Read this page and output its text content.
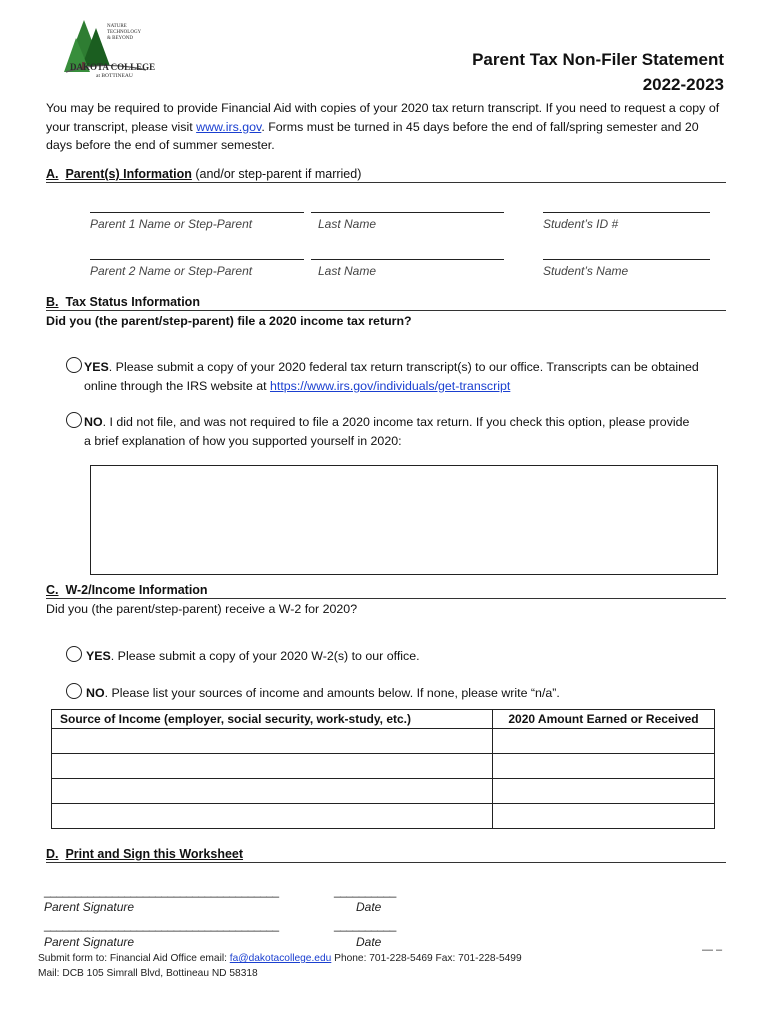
NATURE
TECHNOLOGY
& BEYOND
DAKOTA COLLEGE
at BOTTINEAU
Parent Tax Non-Filer Statement
2022-2023
You may be required to provide Financial Aid with copies of your 2020 tax return transcript. If you need to request a copy of your transcript, please visit www.irs.gov. Forms must be turned in 45 days before the end of fall/spring semester and 20 days before the end of summer semester.
A. Parent(s) Information (and/or step-parent if married)
Parent 1 Name or Step-Parent	Last Name	Student’s ID #
Parent 2 Name or Step-Parent	Last Name	Student’s Name
B. Tax Status Information
Did you (the parent/step-parent) file a 2020 income tax return?
YES. Please submit a copy of your 2020 federal tax return transcript(s) to our office. Transcripts can be obtained
online through the IRS website at https://www.irs.gov/individuals/get-transcript
NO. I did not file, and was not required to file a 2020 income tax return. If you check this option, please provide
a brief explanation of how you supported yourself in 2020:
C. W-2/Income Information
Did you (the parent/step-parent) receive a W-2 for 2020?
YES. Please submit a copy of your 2020 W-2(s) to our office.
NO. Please list your sources of income and amounts below. If none, please write “n/a”.
Source of Income (employer, social security, work-study, etc.)	2020 Amount Earned or Received

D. Print and Sign this Worksheet
______________________________________	__________
Parent Signature	Date
______________________________________	__________
Parent Signature	Date
Submit form to: Financial Aid Office email: fa@dakotacollege.edu Phone: 701-228-5469 Fax: 701-228-5499
Mail: DCB 105 Simrall Blvd, Bottineau ND 58318
— –
